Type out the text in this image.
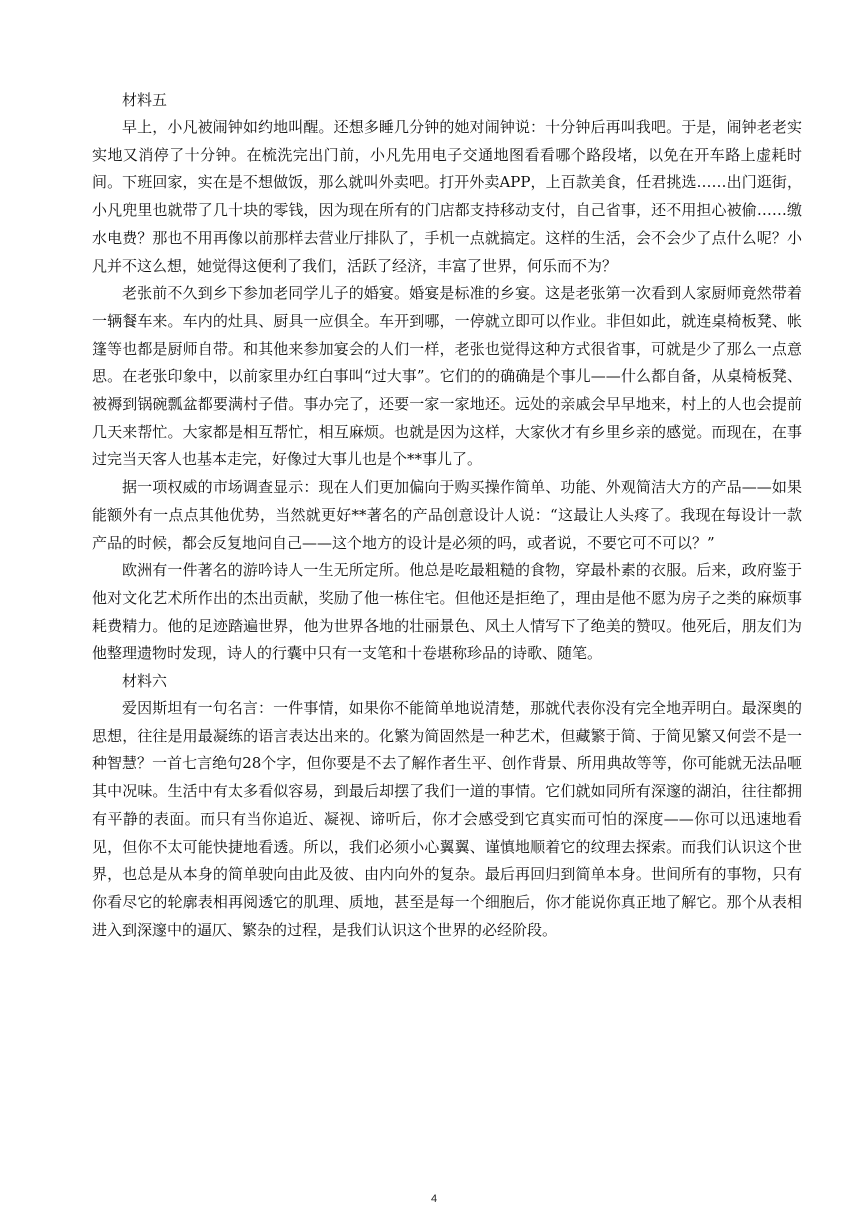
材料五

早上，小凡被闹钟如约地叫醒。还想多睡几分钟的她对闹钟说：十分钟后再叫我吧。于是，闹钟老老实实地又消停了十分钟。在梳洗完出门前，小凡先用电子交通地图看看哪个路段堵，以免在开车路上虚耗时间。下班回家，实在是不想做饭，那么就叫外卖吧。打开外卖APP，上百款美食，任君挑选……出门逛街，小凡兜里也就带了几十块的零钱，因为现在所有的门店都支持移动支付，自己省事，还不用担心被偷……缴水电费？那也不用再像以前那样去营业厅排队了，手机一点就搞定。这样的生活，会不会少了点什么呢？小凡并不这么想，她觉得这便利了我们，活跃了经济，丰富了世界，何乐而不为？

老张前不久到乡下参加老同学儿子的婚宴。婚宴是标准的乡宴。这是老张第一次看到人家厨师竟然带着一辆餐车来。车内的灶具、厨具一应俱全。车开到哪，一停就立即可以作业。非但如此，就连桌椅板凳、帐篷等也都是厨师自带。和其他来参加宴会的人们一样，老张也觉得这种方式很省事，可就是少了那么一点意思。在老张印象中，以前家里办红白事叫“过大事”。它们的的确确是个事儿——什么都自备，从桌椅板凳、被褥到锅碗瓢盆都要满村子借。事办完了，还要一家一家地还。远处的亲戚会早早地来，村上的人也会提前几天来帮忙。大家都是相互帮忙，相互麻烦。也就是因为这样，大家伙才有乡里乡亲的感觉。而现在，在事过完当天客人也基本走完，好像过大事儿也是个**事儿了。

据一项权威的市场调查显示：现在人们更加偏向于购买操作简单、功能、外观简洁大方的产品——如果能额外有一点点其他优势，当然就更好**著名的产品创意设计人说：“这最让人头疼了。我现在每设计一款产品的时候，都会反复地问自己——这个地方的设计是必须的吗，或者说，不要它可不可以？”

欧洲有一件著名的游吟诗人一生无所定所。他总是吃最粗糙的食物，穿最朴素的衣服。后来，政府鉴于他对文化艺术所作出的杰出贡献，奖励了他一栋住宅。但他还是拒绝了，理由是他不愿为房子之类的麻烦事耗费精力。他的足迹踏遍世界，他为世界各地的壮丽景色、风土人情写下了绝美的赞叹。他死后，朋友们为他整理遗物时发现，诗人的行囊中只有一支笔和十卷堪称珍品的诗歌、随笔。

材料六

爱因斯坦有一句名言：一件事情，如果你不能简单地说清楚，那就代表你没有完全地弄明白。最深奥的思想，往往是用最凝练的语言表达出来的。化繁为简固然是一种艺术，但藏繁于简、于简见繁又何尝不是一种智慧？一首七言绝句28个字，但你要是不去了解作者生平、创作背景、所用典故等等，你可能就无法品咂其中况味。生活中有太多看似容易，到最后却摆了我们一道的事情。它们就如同所有深邃的湖泊，往往都拥有平静的表面。而只有当你追近、凝视、谛听后，你才会感受到它真实而可怕的深度——你可以迅速地看见，但你不太可能快捷地看透。所以，我们必须小心翼翼、谨慎地顺着它的纹理去探索。而我们认识这个世界，也总是从本身的简单驶向由此及彼、由内向外的复杂。最后再回归到简单本身。世间所有的事物，只有你看尽它的轮廓表相再阅透它的肌理、质地，甚至是每一个细胞后，你才能说你真正地了解它。那个从表相进入到深邃中的逼仄、繁杂的过程，是我们认识这个世界的必经阶段。

4
